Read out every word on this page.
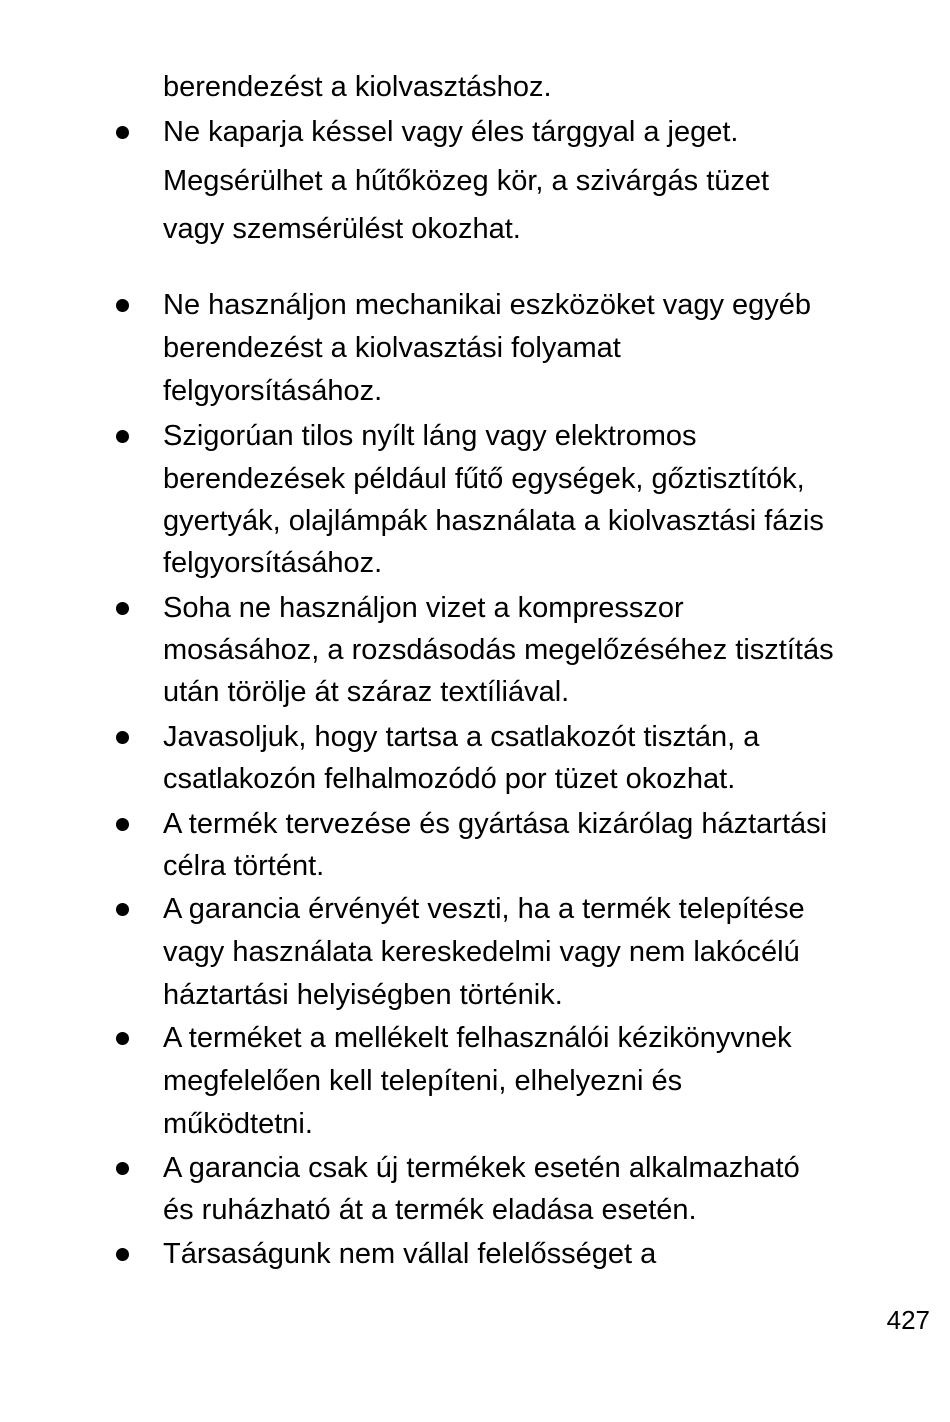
berendezést a kiolvasztáshoz.
Ne kaparja késsel vagy éles tárggyal a jeget.
Megsérülhet a hűtőközeg kör, a szivárgás tüzet
vagy szemsérülést okozhat.
Ne használjon mechanikai eszközöket vagy egyéb
berendezést a kiolvasztási folyamat
felgyorsításához.
Szigorúan tilos nyílt láng vagy elektromos
berendezések például fűtő egységek, gőztisztítók,
gyertyák, olajlámpák használata a kiolvasztási fázis
felgyorsításához.
Soha ne használjon vizet a kompresszor
mosásához, a rozsdásodás megelőzéséhez tisztítás
után törölje át száraz textíliával.
Javasoljuk, hogy tartsa a csatlakozót tisztán, a
csatlakozón felhalmozódó por tüzet okozhat.
A termék tervezése és gyártása kizárólag háztartási
célra történt.
A garancia érvényét veszti, ha a termék telepítése
vagy használata kereskedelmi vagy nem lakócélú
háztartási helyiségben történik.
A terméket a mellékelt felhasználói kézikönyvnek
megfelelően kell telepíteni, elhelyezni és
működtetni.
A garancia csak új termékek esetén alkalmazható
és ruházható át a termék eladása esetén.
Társaságunk nem vállal felelősséget a
427
